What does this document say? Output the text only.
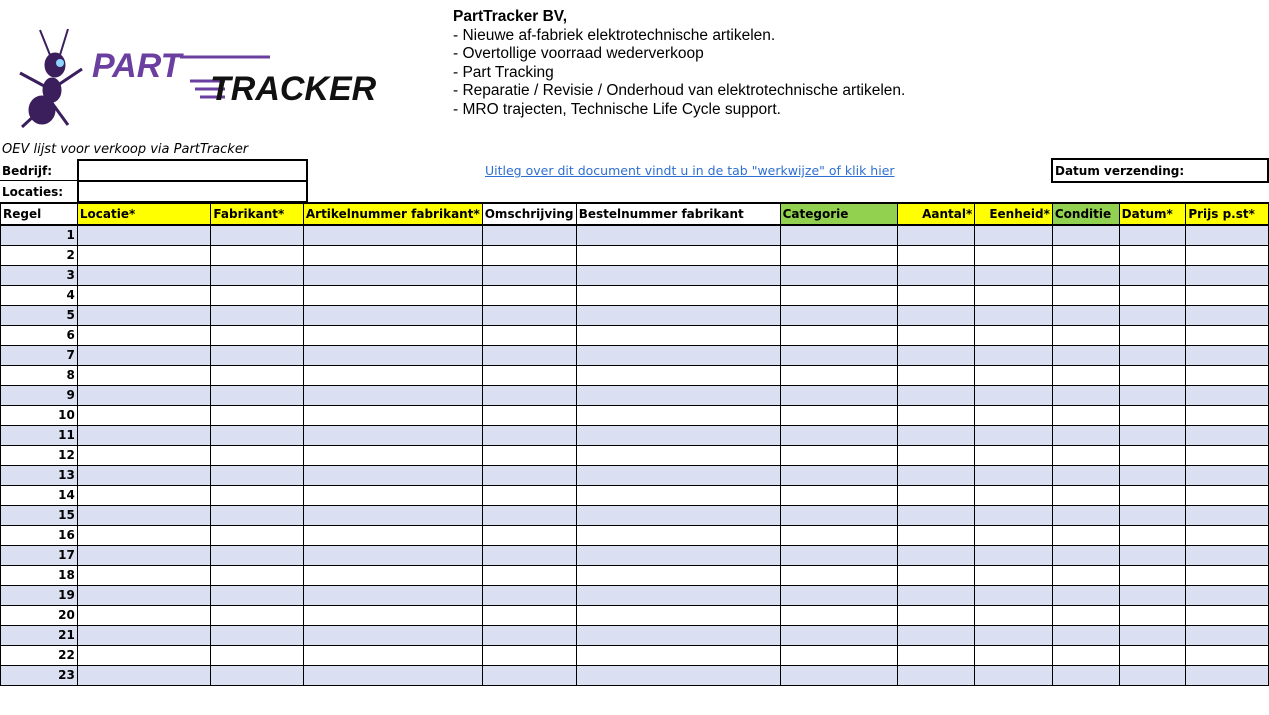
PART
TRACKER
PartTracker BV,
- Nieuwe af-fabriek elektrotechnische artikelen.
- Overtollige voorraad wederverkoop
- Part Tracking
- Reparatie / Revisie / Onderhoud van elektrotechnische artikelen.
- MRO trajecten, Technische Life Cycle support.
OEV lijst voor verkoop via PartTracker
Bedrijf:
Locaties:
Uitleg over dit document vindt u in de tab "werkwijze" of klik hier	Datum verzending:
Regel	Locatie*	Fabrikant*	Artikelnummer fabrikant*	Omschrijving	Bestelnummer fabrikant	Categorie	Aantal*	Eenheid*	Conditie	Datum*	Prijs p.st*
1											
2											
3											
4											
5											
6											
7											
8											
9											
10											
11											
12											
13											
14											
15											
16											
17											
18											
19											
20											
21											
22											
23											
